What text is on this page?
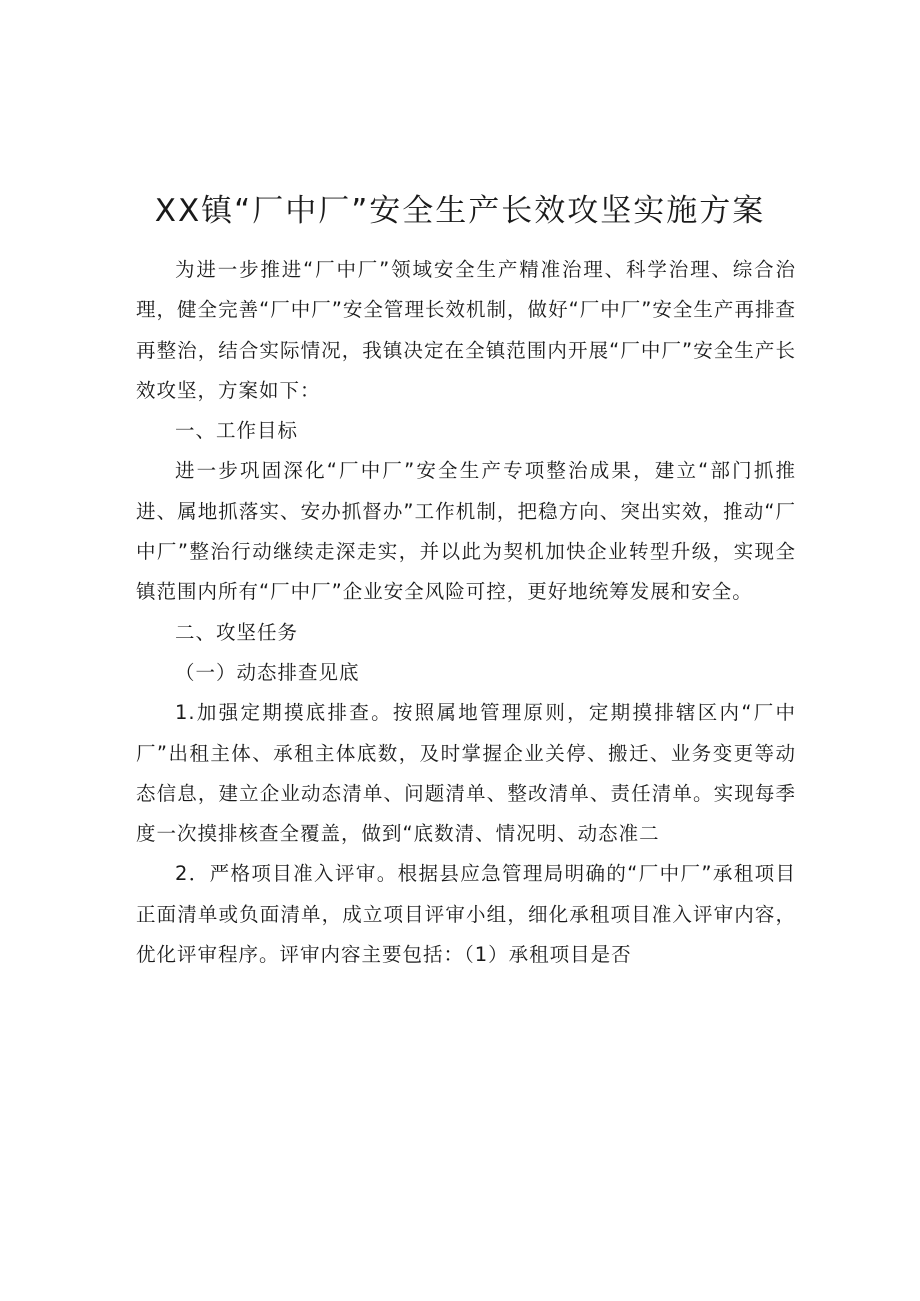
XX镇“厂中厂”安全生产长效攻坚实施方案

为进一步推进“厂中厂”领域安全生产精准治理、科学治理、综合治理，健全完善“厂中厂”安全管理长效机制，做好“厂中厂”安全生产再排查再整治，结合实际情况，我镇决定在全镇范围内开展“厂中厂”安全生产长效攻坚，方案如下：

一、工作目标

进一步巩固深化“厂中厂”安全生产专项整治成果，建立“部门抓推进、属地抓落实、安办抓督办”工作机制，把稳方向、突出实效，推动“厂中厂”整治行动继续走深走实，并以此为契机加快企业转型升级，实现全镇范围内所有“厂中厂”企业安全风险可控，更好地统筹发展和安全。

二、攻坚任务

（一）动态排查见底

1.加强定期摸底排查。按照属地管理原则，定期摸排辖区内“厂中厂”出租主体、承租主体底数，及时掌握企业关停、搬迁、业务变更等动态信息，建立企业动态清单、问题清单、整改清单、责任清单。实现每季度一次摸排核查全覆盖，做到“底数清、情况明、动态准二

2．严格项目准入评审。根据县应急管理局明确的“厂中厂”承租项目正面清单或负面清单，成立项目评审小组，细化承租项目准入评审内容，优化评审程序。评审内容主要包括：（1）承租项目是否
